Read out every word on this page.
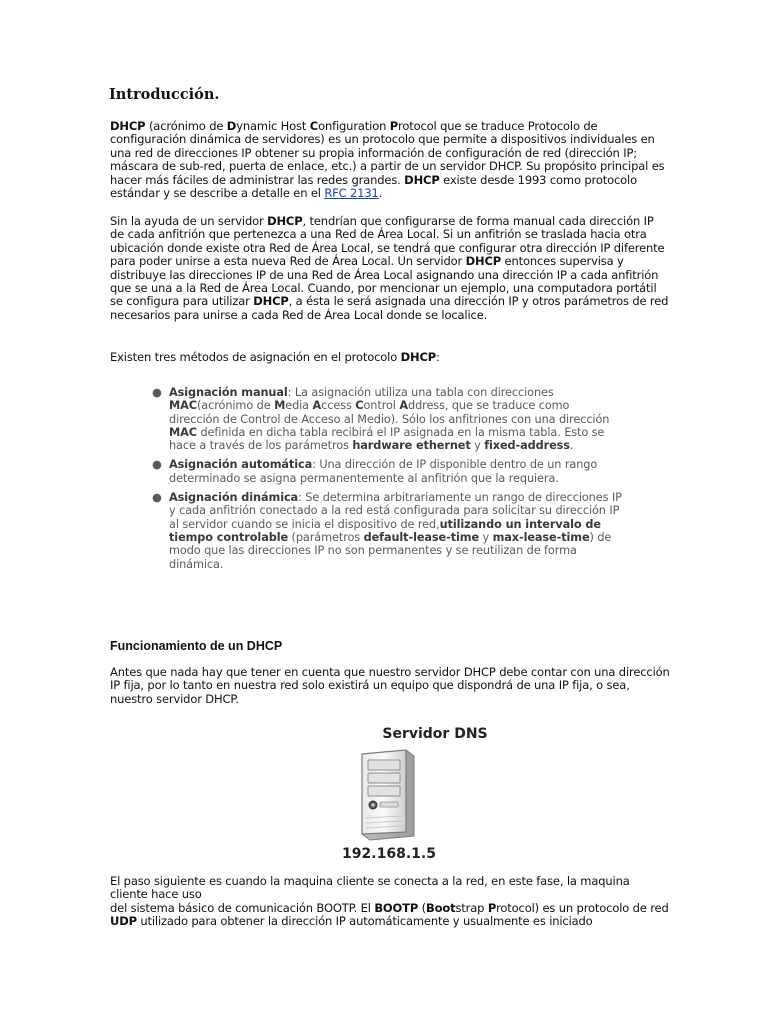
Introducción.
DHCP (acrónimo de Dynamic Host Configuration Protocol que se traduce Protocolo de configuración dinámica de servidores) es un protocolo que permite a dispositivos individuales en una red de direcciones IP obtener su propia información de configuración de red (dirección IP; máscara de sub-red, puerta de enlace, etc.) a partir de un servidor DHCP. Su propósito principal es hacer más fáciles de administrar las redes grandes. DHCP existe desde 1993 como protocolo estándar y se describe a detalle en el RFC 2131.
Sin la ayuda de un servidor DHCP, tendrían que configurarse de forma manual cada dirección IP de cada anfitrión que pertenezca a una Red de Área Local. Si un anfitrión se traslada hacia otra ubicación donde existe otra Red de Área Local, se tendrá que configurar otra dirección IP diferente para poder unirse a esta nueva Red de Área Local. Un servidor DHCP entonces supervisa y distribuye las direcciones IP de una Red de Área Local asignando una dirección IP a cada anfitrión que se una a la Red de Área Local. Cuando, por mencionar un ejemplo, una computadora portátil se configura para utilizar DHCP, a ésta le será asignada una dirección IP y otros parámetros de red necesarios para unirse a cada Red de Área Local donde se localice.
Existen tres métodos de asignación en el protocolo DHCP:
● Asignación manual: La asignación utiliza una tabla con direcciones MAC(acrónimo de Media Access Control Address, que se traduce como dirección de Control de Acceso al Medio). Sólo los anfitriones con una dirección MAC definida en dicha tabla recibirá el IP asignada en la misma tabla. Esto se hace a través de los parámetros hardware ethernet y fixed-address.
● Asignación automática: Una dirección de IP disponible dentro de un rango determinado se asigna permanentemente al anfitrión que la requiera.
● Asignación dinámica: Se determina arbitrariamente un rango de direcciones IP y cada anfitrión conectado a la red está configurada para solicitar su dirección IP al servidor cuando se inicia el dispositivo de red,utilizando un intervalo de tiempo controlable (parámetros default-lease-time y max-lease-time) de modo que las direcciones IP no son permanentes y se reutilizan de forma dinámica.
Funcionamiento de un DHCP
Antes que nada hay que tener en cuenta que nuestro servidor DHCP debe contar con una dirección IP fija, por lo tanto en nuestra red solo existirá un equipo que dispondrá de una IP fija, o sea, nuestro servidor DHCP.
Servidor DNS
192.168.1.5
El paso siguiente es cuando la maquina cliente se conecta a la red, en este fase, la maquina cliente hace uso
del sistema básico de comunicación BOOTP. El BOOTP (Bootstrap Protocol) es un protocolo de red UDP utilizado para obtener la dirección IP automáticamente y usualmente es iniciado
